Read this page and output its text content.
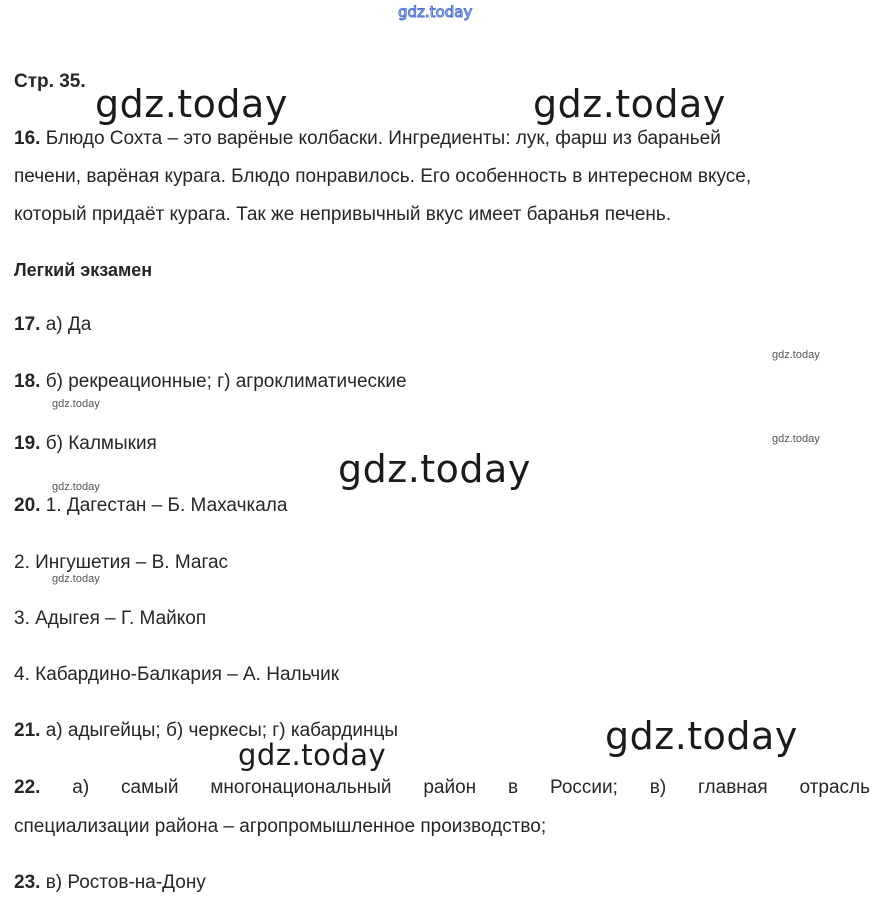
gdz.today
Стр. 35.
16. Блюдо Сохта – это варёные колбаски. Ингредиенты: лук, фарш из бараньей
печени, варёная курага. Блюдо понравилось. Его особенность в интересном вкусе,
который придаёт курага. Так же непривычный вкус имеет баранья печень.
Легкий экзамен
17. а) Да
18. б) рекреационные; г) агроклиматические
19. б) Калмыкия
20. 1. Дагестан – Б. Махачкала
2. Ингушетия – В. Магас
3. Адыгея – Г. Майкоп
4. Кабардино-Балкария – А. Нальчик
21. а) адыгейцы; б) черкесы; г) кабардинцы
22. а) самый многонациональный район в России; в) главная отрасль
специализации района – агропромышленное производство;
23. в) Ростов-на-Дону
gdz.today	gdz.today
gdz.today
gdz.today
gdz.today
gdz.today
gdz.today
gdz.today
gdz.today
gdz.today
